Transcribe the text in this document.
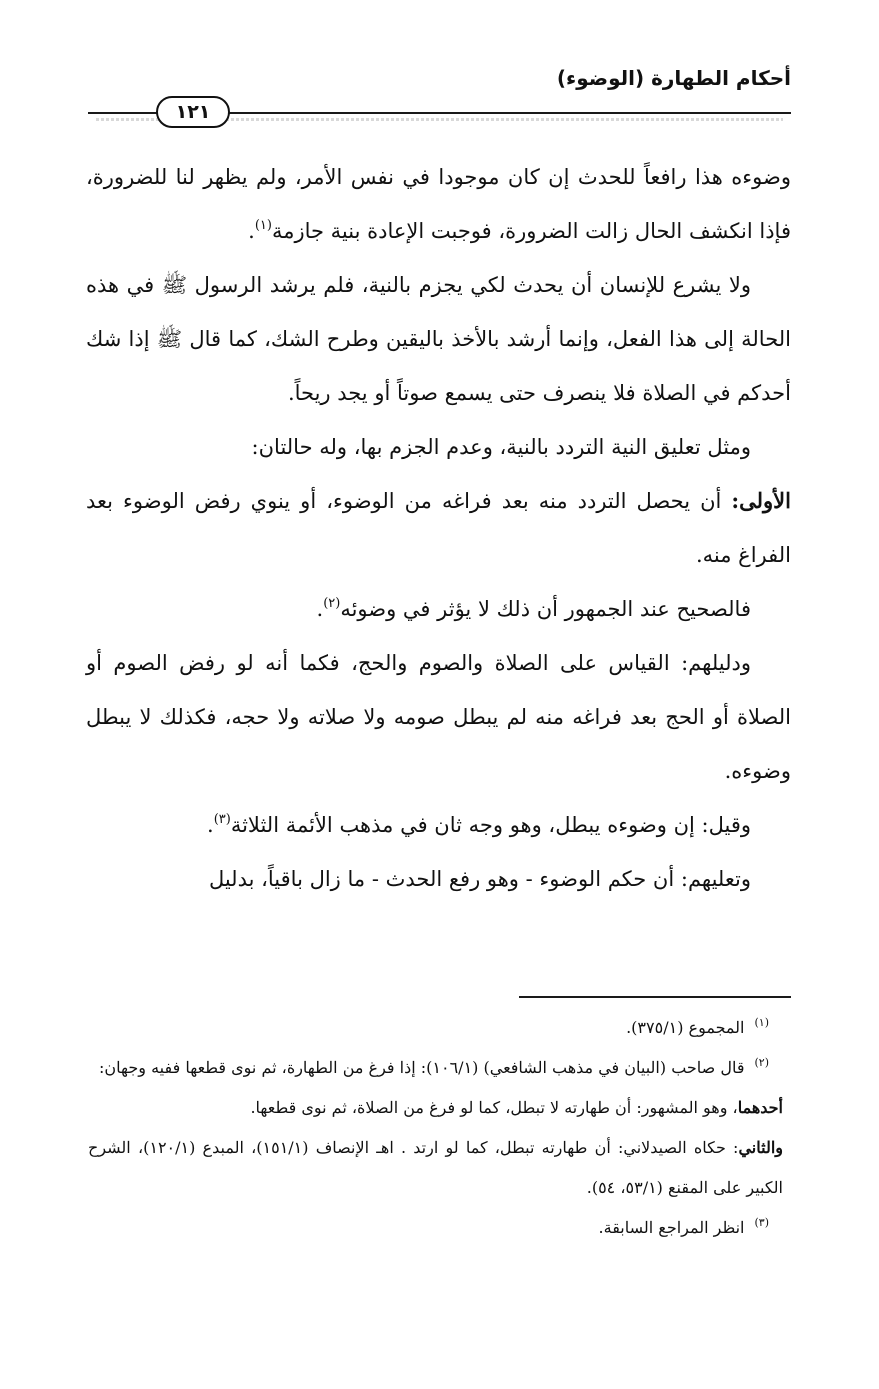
أحكام الطهارة (الوضوء)
١٢١

وضوءه هذا رافعاً للحدث إن كان موجودا في نفس الأمر، ولم يظهر لنا للضرورة، فإذا انكشف الحال زالت الضرورة، فوجبت الإعادة بنية جازمة$^{(١)}$.

ولا يشرع للإنسان أن يحدث لكي يجزم بالنية، فلم يرشد الرسول ﷺ في هذه الحالة إلى هذا الفعل، وإنما أرشد بالأخذ باليقين وطرح الشك، كما قال ﷺ إذا شك أحدكم في الصلاة فلا ينصرف حتى يسمع صوتاً أو يجد ريحاً.

ومثل تعليق النية التردد بالنية، وعدم الجزم بها، وله حالتان:

الأولى: أن يحصل التردد منه بعد فراغه من الوضوء، أو ينوي رفض الوضوء بعد الفراغ منه.

فالصحيح عند الجمهور أن ذلك لا يؤثر في وضوئه$^{(٢)}$.

ودليلهم: القياس على الصلاة والصوم والحج، فكما أنه لو رفض الصوم أو الصلاة أو الحج بعد فراغه منه لم يبطل صومه ولا صلاته ولا حجه، فكذلك لا يبطل وضوءه.

وقيل: إن وضوءه يبطل، وهو وجه ثان في مذهب الأئمة الثلاثة$^{(٣)}$.

وتعليهم: أن حكم الوضوء - وهو رفع الحدث - ما زال باقياً، بدليل

$^{(١)}$المجموع (٣٧٥/١).

$^{(٢)}$قال صاحب (البيان في مذهب الشافعي) (١٠٦/١): إذا فرغ من الطهارة، ثم نوى قطعها ففيه وجهان:

أحدهما، وهو المشهور: أن طهارته لا تبطل، كما لو فرغ من الصلاة، ثم نوى قطعها.

والثاني: حكاه الصيدلاني: أن طهارته تبطل، كما لو ارتد . اهـ الإنصاف (١٥١/١)، المبدع (١٢٠/١)، الشرح الكبير على المقنع (٥٣/١، ٥٤).

$^{(٣)}$انظر المراجع السابقة.
